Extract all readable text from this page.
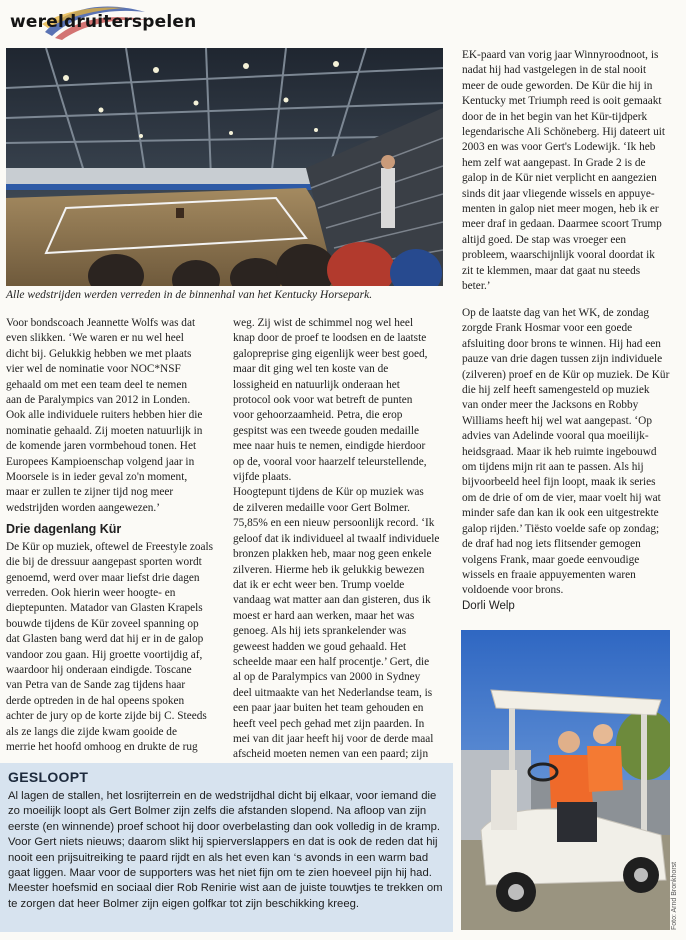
wereldruiterspelen
Alle wedstrijden werden verreden in de binnenhal van het Kentucky Horsepark.

Voor bondscoach Jeannette Wolfs was dat
even slikken. ‘We waren er nu wel heel
dicht bij. Gelukkig hebben we met plaats
vier wel de nominatie voor NOC*NSF
gehaald om met een team deel te nemen
aan de Paralympics van 2012 in Londen.
Ook alle individuele ruiters hebben hier die
nominatie gehaald. Zij moeten natuurlijk in
de komende jaren vormbehoud tonen. Het
Europees Kampioenschap volgend jaar in
Moorsele is in ieder geval zo'n moment,
maar er zullen te zijner tijd nog meer
wedstrijden worden aangewezen.’

Drie dagenlang Kür

De Kür op muziek, oftewel de Freestyle zoals
die bij de dressuur aangepast sporten wordt
genoemd, werd over maar liefst drie dagen
verreden. Ook hierin weer hoogte- en
dieptepunten. Matador van Glasten Krapels
bouwde tijdens de Kür zoveel spanning op
dat Glasten bang werd dat hij er in de galop
vandoor zou gaan. Hij groette voortijdig af,
waardoor hij onderaan eindigde. Toscane
van Petra van de Sande zag tijdens haar
derde optreden in de hal opeens spoken
achter de jury op de korte zijde bij C. Steeds
als ze langs die zijde kwam gooide de
merrie het hoofd omhoog en drukte de rug

weg. Zij wist de schimmel nog wel heel
knap door de proef te loodsen en de laatste
galopreprise ging eigenlijk weer best goed,
maar dit ging wel ten koste van de
lossigheid en natuurlijk onderaan het
protocol ook voor wat betreft de punten
voor gehoorzaamheid. Petra, die erop
gespitst was een tweede gouden medaille
mee naar huis te nemen, eindigde hierdoor
op de, vooral voor haarzelf teleurstellende,
vijfde plaats.

Hoogtepunt tijdens de Kür op muziek was
de zilveren medaille voor Gert Bolmer.
75,85% en een nieuw persoonlijk record. ‘Ik
geloof dat ik individueel al twaalf individuele
bronzen plakken heb, maar nog geen enkele
zilveren. Hierme heb ik gelukkig bewezen
dat ik er echt weer ben. Trump voelde
vandaag wat matter aan dan gisteren, dus ik
moest er hard aan werken, maar het was
genoeg. Als hij iets sprankelender was
geweest hadden we goud gehaald. Het
scheelde maar een half procentje.’ Gert, die
al op de Paralympics van 2000 in Sydney
deel uitmaakte van het Nederlandse team, is
een paar jaar buiten het team gehouden en
heeft veel pech gehad met zijn paarden. In
mei van dit jaar heeft hij voor de derde maal
afscheid moeten nemen van een paard; zijn

EK-paard van vorig jaar Winnyroodnoot, is
nadat hij had vastgelegen in de stal nooit
meer de oude geworden. De Kür die hij in
Kentucky met Triumph reed is ooit gemaakt
door de in het begin van het Kür-tijdperk
legendarische Ali Schöneberg. Hij dateert uit
2003 en was voor Gert's Lodewijk. ‘Ik heb
hem zelf wat aangepast. In Grade 2 is de
galop in de Kür niet verplicht en aangezien
sinds dit jaar vliegende wissels en appuye-
menten in galop niet meer mogen, heb ik er
meer draf in gedaan. Daarmee scoort Trump
altijd goed. De stap was vroeger een
probleem, waarschijnlijk vooral doordat ik
zit te klemmen, maar dat gaat nu steeds
beter.’

Op de laatste dag van het WK, de zondag
zorgde Frank Hosmar voor een goede
afsluiting door brons te winnen. Hij had een
pauze van drie dagen tussen zijn individuele
(zilveren) proef en de Kür op muziek. De Kür
die hij zelf heeft samengesteld op muziek
van onder meer the Jacksons en Robby
Williams heeft hij wel wat aangepast. ‘Op
advies van Adelinde vooral qua moeilijk-
heidsgraad. Maar ik heb ruimte ingebouwd
om tijdens mijn rit aan te passen. Als hij
bijvoorbeeld heel fijn loopt, maak ik series
om de drie of om de vier, maar voelt hij wat
minder safe dan kan ik ook een uitgestrekte
galop rijden.’ Tiësto voelde safe op zondag;
de draf had nog iets flitsender gemogen
volgens Frank, maar goede eenvoudige
wissels en fraaie appuyementen waren
voldoende voor brons.

Dorli Welp
Foto: Arnd Bronkhorst
GESLOOPT

Al lagen de stallen, het losrijterrein en de wedstrijdhal dicht bij elkaar, voor iemand die
zo moeilijk loopt als Gert Bolmer zijn zelfs die afstanden slopend. Na afloop van zijn
eerste (en winnende) proef schoot hij door overbelasting dan ook volledig in de kramp.
Voor Gert niets nieuws; daarom slikt hij spierverslappers en dat is ook de reden dat hij
nooit een prijsuitreiking te paard rijdt en als het even kan ‘s avonds in een warm bad
gaat liggen. Maar voor de supporters was het niet fijn om te zien hoeveel pijn hij had.
Meester hoefsmid en sociaal dier Rob Renirie wist aan de juiste touwtjes te trekken om
te zorgen dat heer Bolmer zijn eigen golfkar tot zijn beschikking kreeg.
